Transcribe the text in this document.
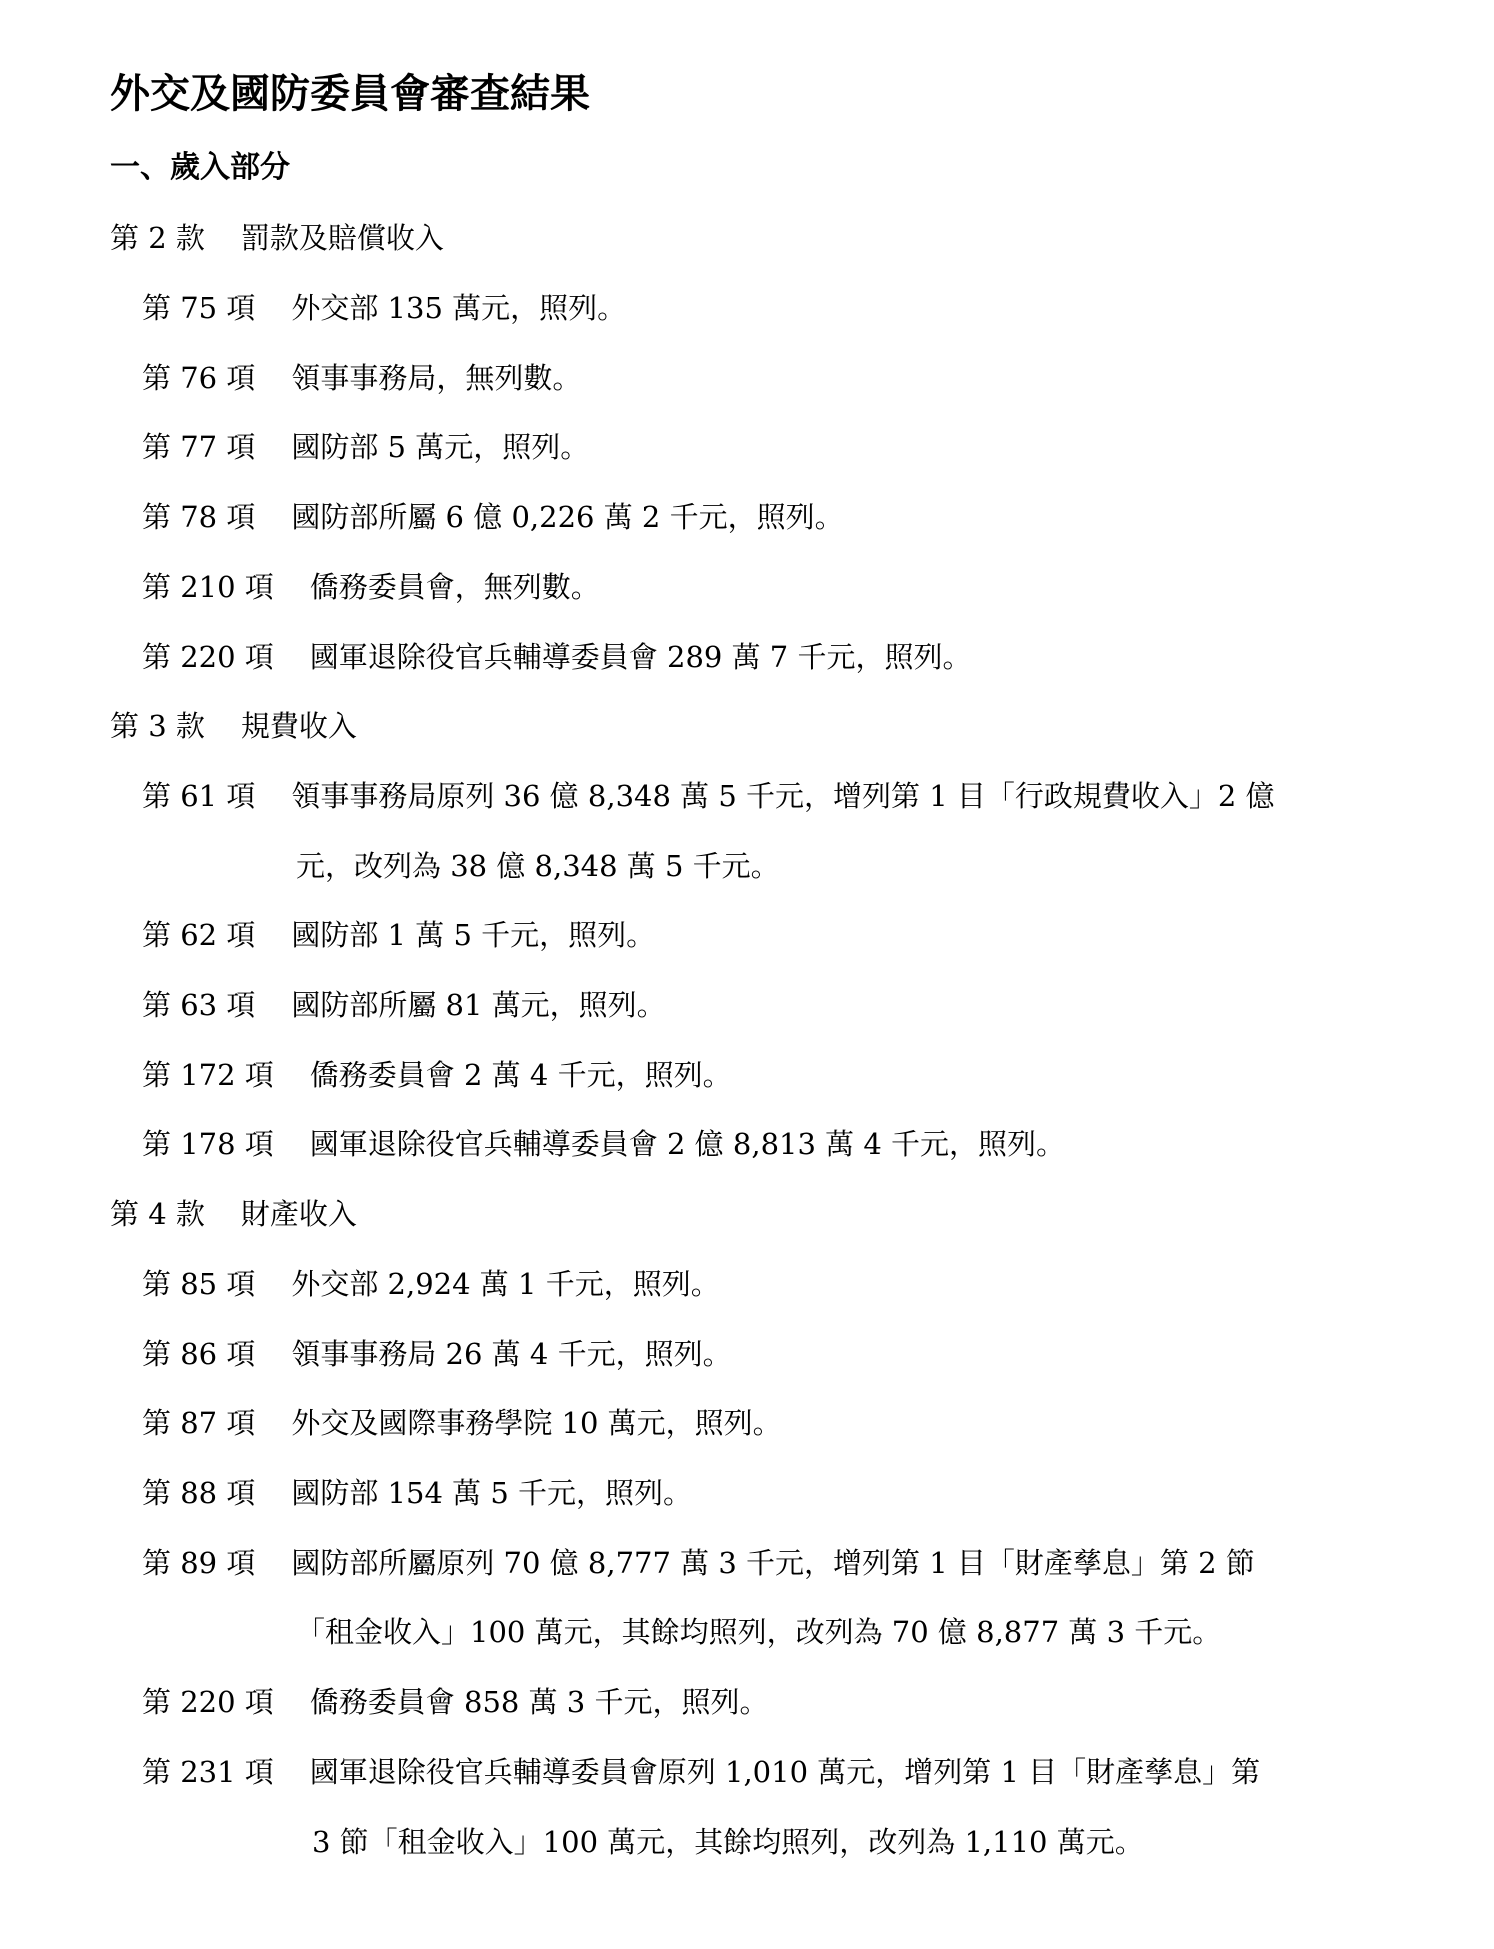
外交及國防委員會審查結果
一、歲入部分
第 2 款 罰款及賠償收入
第 75 項 外交部 135 萬元，照列。
第 76 項 領事事務局，無列數。
第 77 項 國防部 5 萬元，照列。
第 78 項 國防部所屬 6 億 0,226 萬 2 千元，照列。
第 210 項 僑務委員會，無列數。
第 220 項 國軍退除役官兵輔導委員會 289 萬 7 千元，照列。
第 3 款 規費收入
第 61 項 領事事務局原列 36 億 8,348 萬 5 千元，增列第 1 目「行政規費收入」2 億
元，改列為 38 億 8,348 萬 5 千元。
第 62 項 國防部 1 萬 5 千元，照列。
第 63 項 國防部所屬 81 萬元，照列。
第 172 項 僑務委員會 2 萬 4 千元，照列。
第 178 項 國軍退除役官兵輔導委員會 2 億 8,813 萬 4 千元，照列。
第 4 款 財產收入
第 85 項 外交部 2,924 萬 1 千元，照列。
第 86 項 領事事務局 26 萬 4 千元，照列。
第 87 項 外交及國際事務學院 10 萬元，照列。
第 88 項 國防部 154 萬 5 千元，照列。
第 89 項 國防部所屬原列 70 億 8,777 萬 3 千元，增列第 1 目「財產孳息」第 2 節
「租金收入」100 萬元，其餘均照列，改列為 70 億 8,877 萬 3 千元。
第 220 項 僑務委員會 858 萬 3 千元，照列。
第 231 項 國軍退除役官兵輔導委員會原列 1,010 萬元，增列第 1 目「財產孳息」第
3 節「租金收入」100 萬元，其餘均照列，改列為 1,110 萬元。
